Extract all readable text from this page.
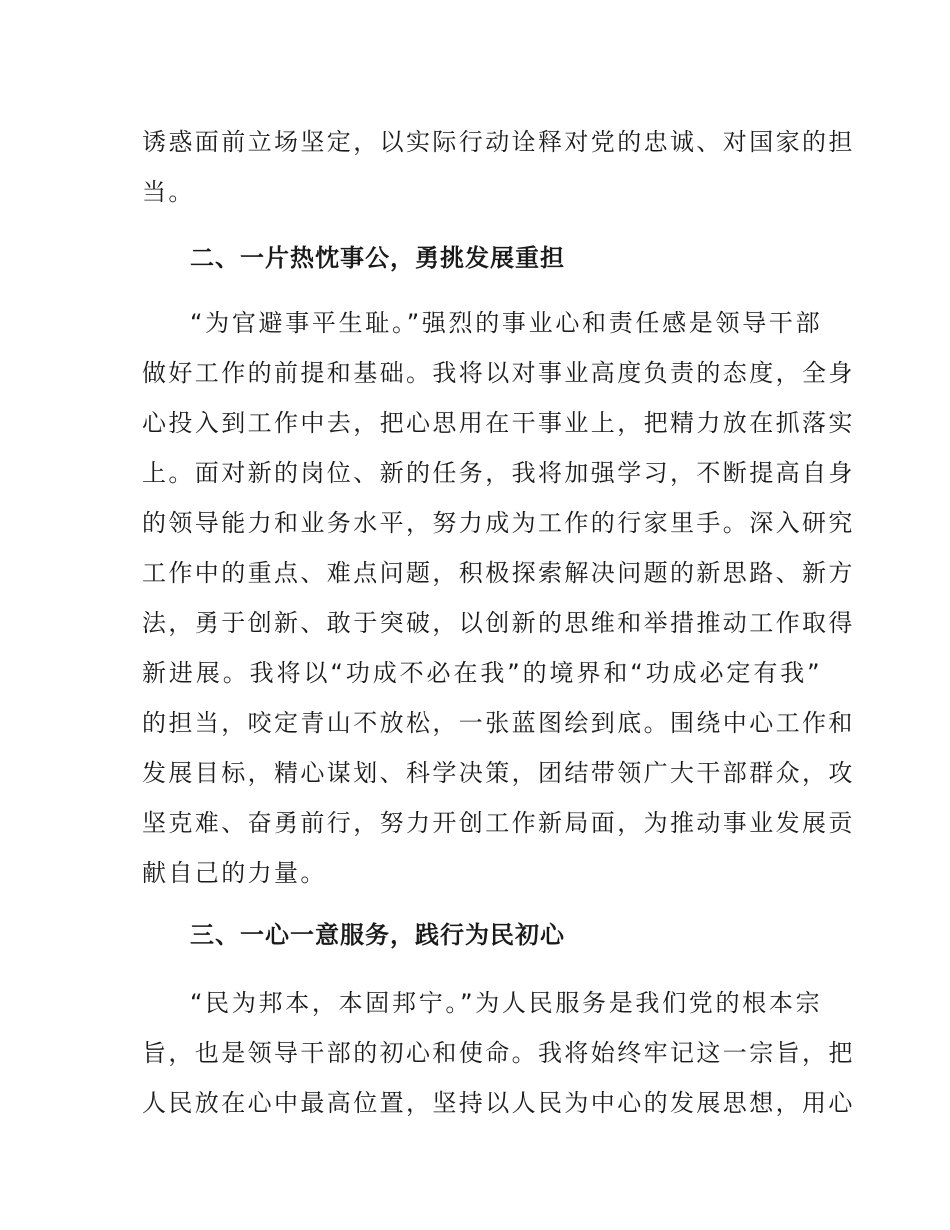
诱惑面前立场坚定，以实际行动诠释对党的忠诚、对国家的担
当。
二、一片热忱事公，勇挑发展重担
“为官避事平生耻。”强烈的事业心和责任感是领导干部
做好工作的前提和基础。我将以对事业高度负责的态度，全身
心投入到工作中去，把心思用在干事业上，把精力放在抓落实
上。面对新的岗位、新的任务，我将加强学习，不断提高自身
的领导能力和业务水平，努力成为工作的行家里手。深入研究
工作中的重点、难点问题，积极探索解决问题的新思路、新方
法，勇于创新、敢于突破，以创新的思维和举措推动工作取得
新进展。我将以“功成不必在我”的境界和“功成必定有我”
的担当，咬定青山不放松，一张蓝图绘到底。围绕中心工作和
发展目标，精心谋划、科学决策，团结带领广大干部群众，攻
坚克难、奋勇前行，努力开创工作新局面，为推动事业发展贡
献自己的力量。
三、一心一意服务，践行为民初心
“民为邦本，本固邦宁。”为人民服务是我们党的根本宗
旨，也是领导干部的初心和使命。我将始终牢记这一宗旨，把
人民放在心中最高位置，坚持以人民为中心的发展思想，用心
